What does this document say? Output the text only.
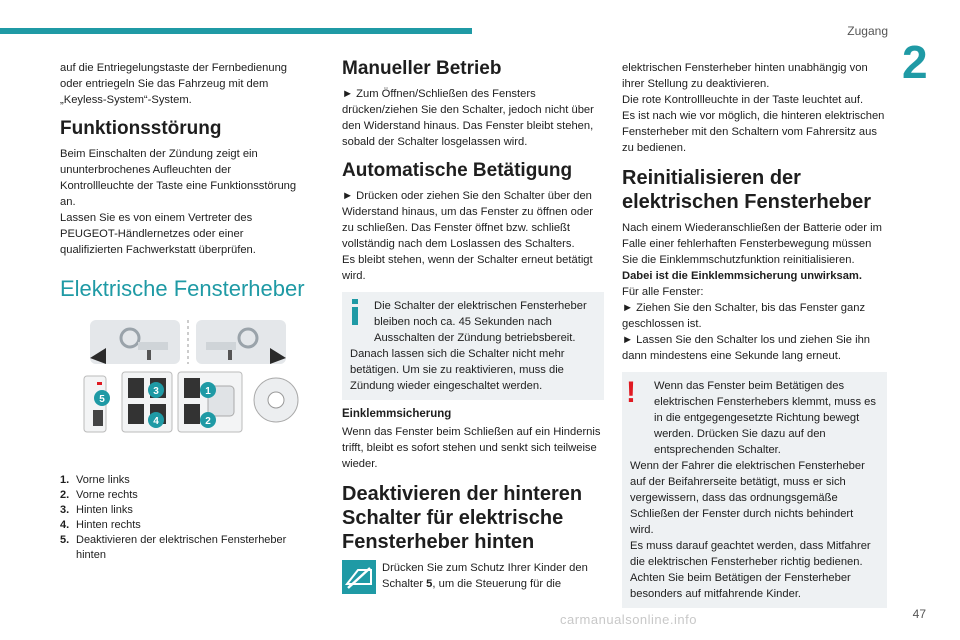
Zugang
2
47

auf die Entriegelungstaste der Fernbedienung oder entriegeln Sie das Fahrzeug mit dem „Keyless-System“-System.

Funktionsstörung

Beim Einschalten der Zündung zeigt ein ununterbrochenes Aufleuchten der Kontrollleuchte der Taste eine Funktionsstörung an.

Lassen Sie es von einem Vertreter des PEUGEOT-Händlernetzes oder einer qualifizierten Fachwerkstatt überprüfen.

Elektrische Fensterheber
5
3
4
1
2
1. Vorne links
2. Vorne rechts
3. Hinten links
4. Hinten rechts
5. Deaktivieren der elektrischen Fensterheber hinten
Manueller Betrieb

► Zum Öffnen/Schließen des Fensters drücken/ziehen Sie den Schalter, jedoch nicht über den Widerstand hinaus. Das Fenster bleibt stehen, sobald der Schalter losgelassen wird.

Automatische Betätigung

► Drücken oder ziehen Sie den Schalter über den Widerstand hinaus, um das Fenster zu öffnen oder zu schließen. Das Fenster öffnet bzw. schließt vollständig nach dem Loslassen des Schalters.

Es bleibt stehen, wenn der Schalter erneut betätigt wird.

Die Schalter der elektrischen Fensterheber bleiben noch ca. 45 Sekunden nach Ausschalten der Zündung betriebsbereit.

Danach lassen sich die Schalter nicht mehr betätigen. Um sie zu reaktivieren, muss die Zündung wieder eingeschaltet werden.

Einklemmsicherung

Wenn das Fenster beim Schließen auf ein Hindernis trifft, bleibt es sofort stehen und senkt sich teilweise wieder.

Deaktivieren der hinteren Schalter für elektrische Fensterheber hinten

Drücken Sie zum Schutz Ihrer Kinder den Schalter 5, um die Steuerung für die

elektrischen Fensterheber hinten unabhängig von ihrer Stellung zu deaktivieren.

Die rote Kontrollleuchte in der Taste leuchtet auf.

Es ist nach wie vor möglich, die hinteren elektrischen Fensterheber mit den Schaltern vom Fahrersitz aus zu bedienen.

Reinitialisieren der elektrischen Fensterheber

Nach einem Wiederanschließen der Batterie oder im Falle einer fehlerhaften Fensterbewegung müssen Sie die Einklemmschutzfunktion reinitialisieren.

Dabei ist die Einklemmsicherung unwirksam.

Für alle Fenster:

► Ziehen Sie den Schalter, bis das Fenster ganz geschlossen ist.

► Lassen Sie den Schalter los und ziehen Sie ihn dann mindestens eine Sekunde lang erneut.

! Wenn das Fenster beim Betätigen des elektrischen Fensterhebers klemmt, muss es in die entgegengesetzte Richtung bewegt werden. Drücken Sie dazu auf den entsprechenden Schalter.

Wenn der Fahrer die elektrischen Fensterheber auf der Beifahrerseite betätigt, muss er sich vergewissern, dass das ordnungsgemäße Schließen der Fenster durch nichts behindert wird.

Es muss darauf geachtet werden, dass Mitfahrer die elektrischen Fensterheber richtig bedienen. Achten Sie beim Betätigen der Fensterheber besonders auf mitfahrende Kinder.

carmanualsonline.info
